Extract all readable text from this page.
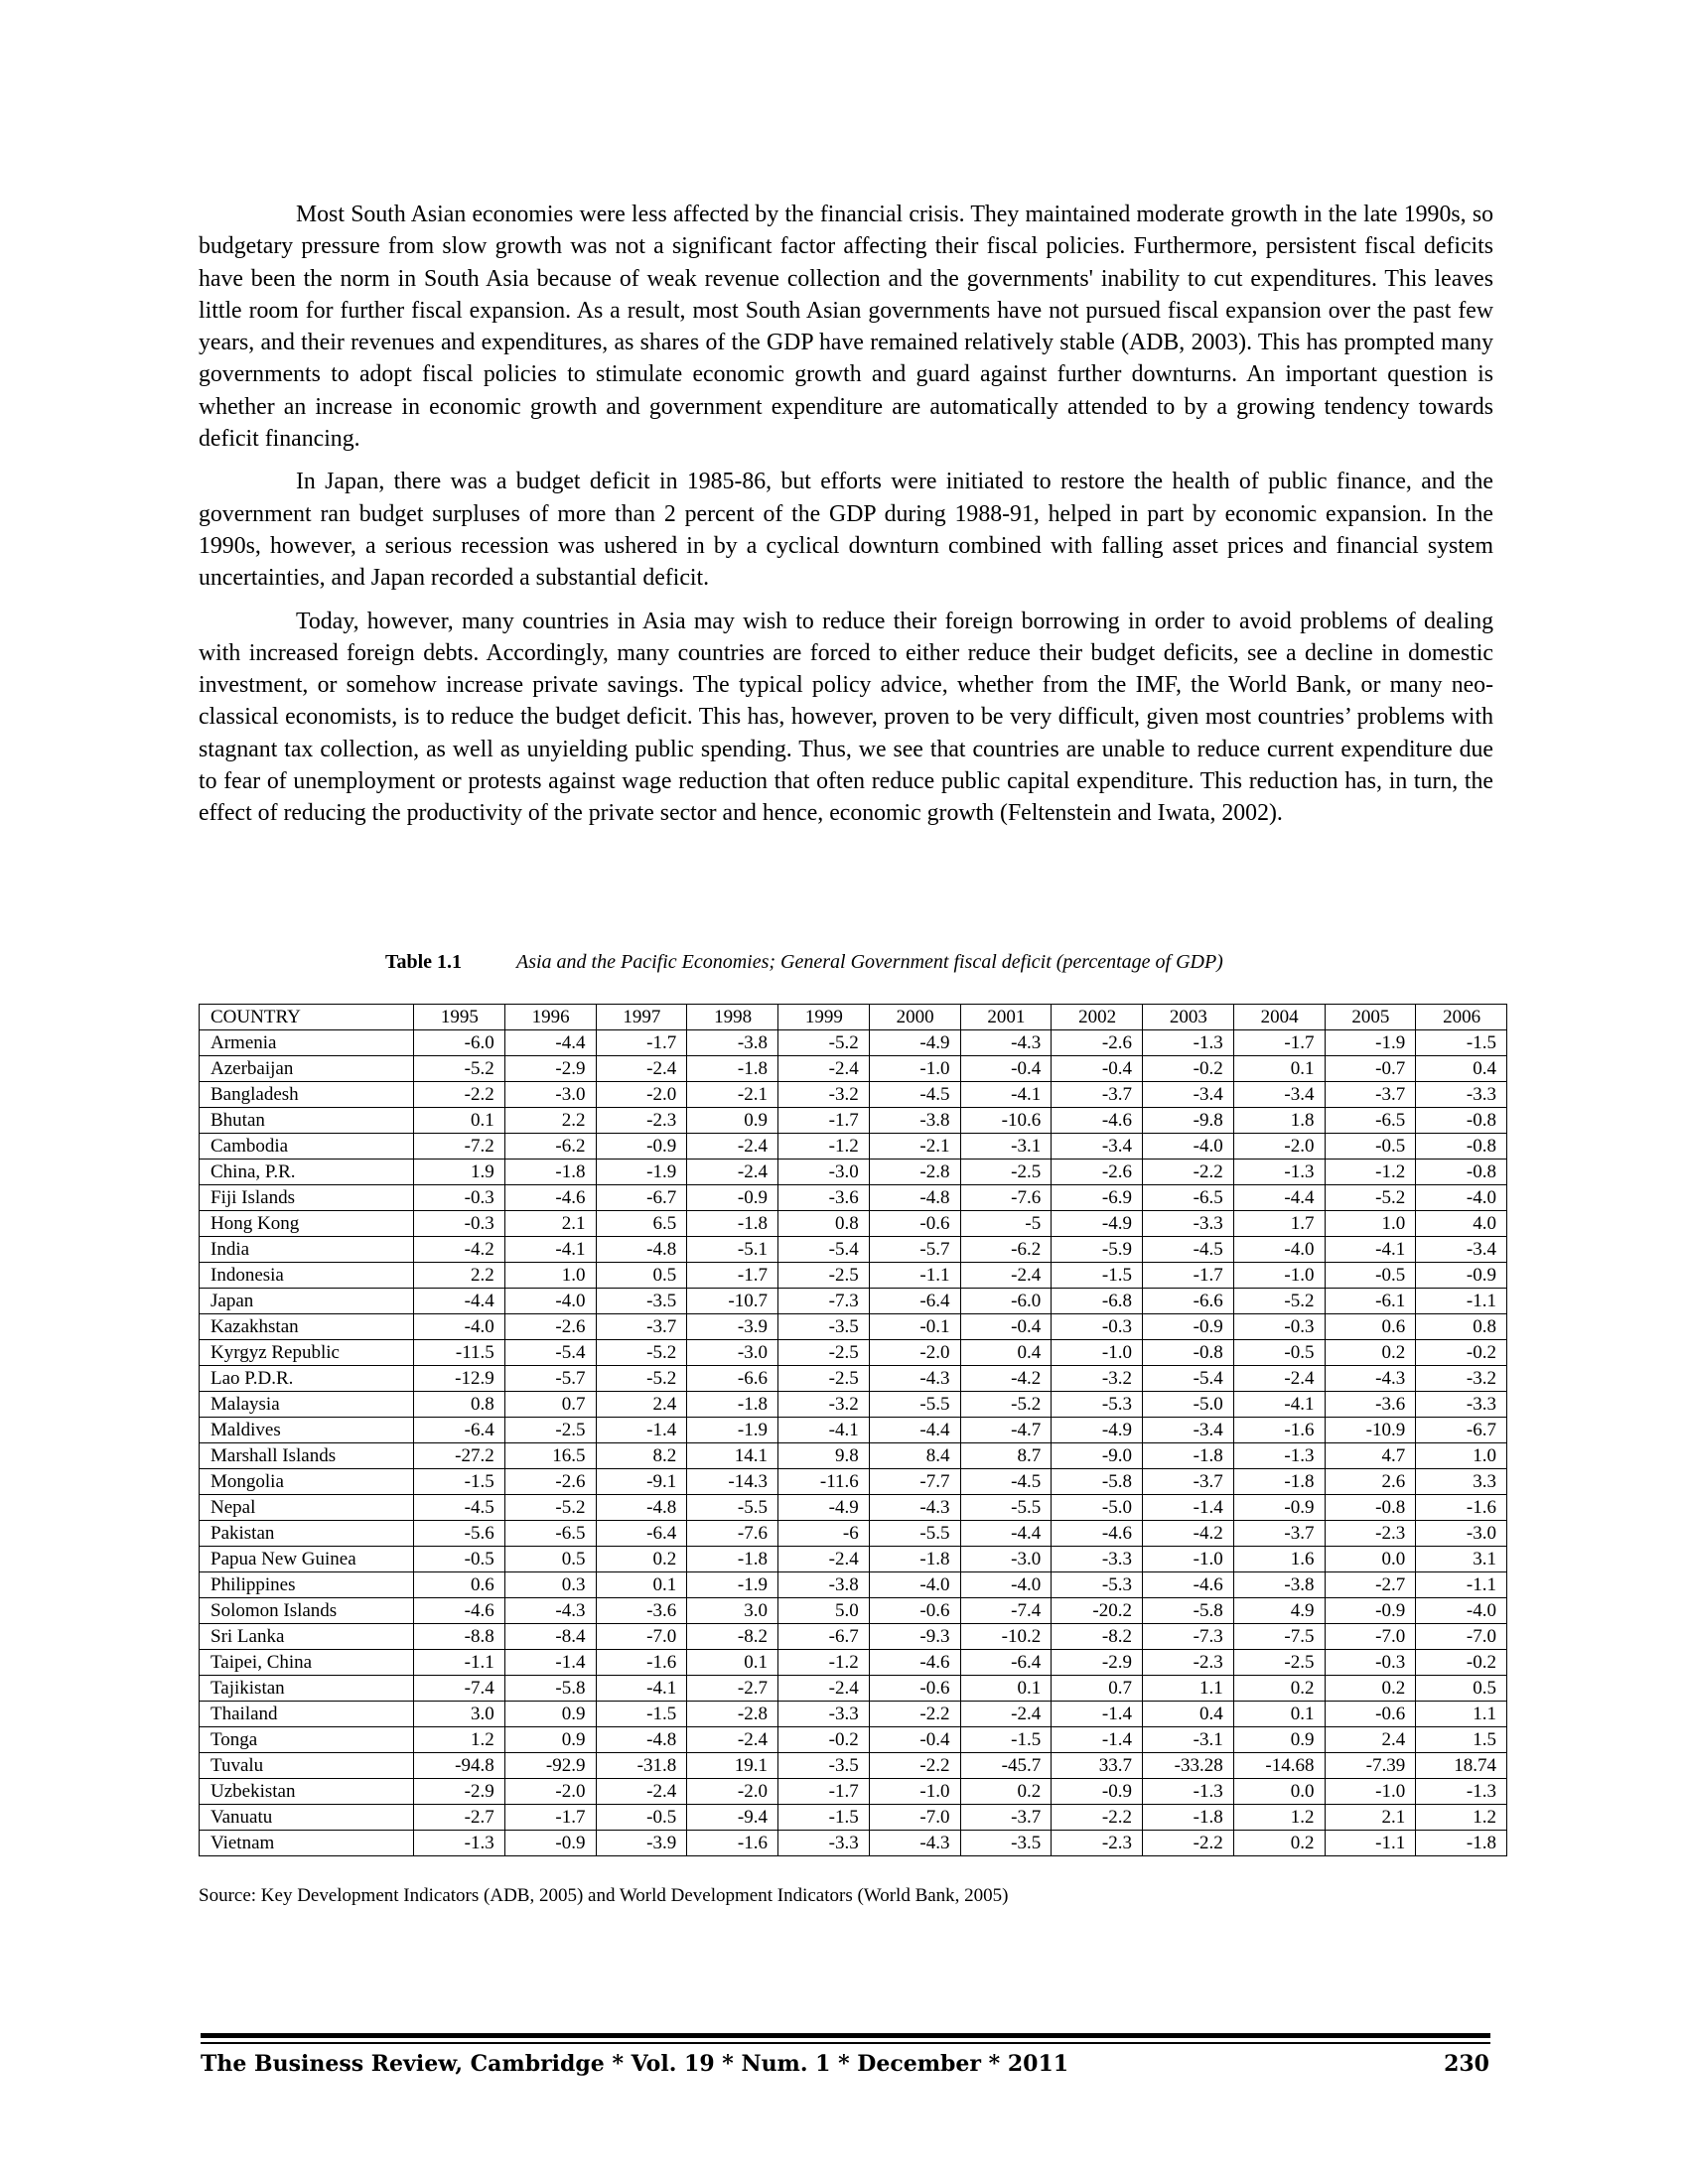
Most South Asian economies were less affected by the financial crisis. They maintained moderate growth in the late 1990s, so budgetary pressure from slow growth was not a significant factor affecting their fiscal policies. Furthermore, persistent fiscal deficits have been the norm in South Asia because of weak revenue collection and the governments' inability to cut expenditures. This leaves little room for further fiscal expansion. As a result, most South Asian governments have not pursued fiscal expansion over the past few years, and their revenues and expenditures, as shares of the GDP have remained relatively stable (ADB, 2003). This has prompted many governments to adopt fiscal policies to stimulate economic growth and guard against further downturns. An important question is whether an increase in economic growth and government expenditure are automatically attended to by a growing tendency towards deficit financing.

In Japan, there was a budget deficit in 1985-86, but efforts were initiated to restore the health of public finance, and the government ran budget surpluses of more than 2 percent of the GDP during 1988-91, helped in part by economic expansion. In the 1990s, however, a serious recession was ushered in by a cyclical downturn combined with falling asset prices and financial system uncertainties, and Japan recorded a substantial deficit.

Today, however, many countries in Asia may wish to reduce their foreign borrowing in order to avoid problems of dealing with increased foreign debts. Accordingly, many countries are forced to either reduce their budget deficits, see a decline in domestic investment, or somehow increase private savings. The typical policy advice, whether from the IMF, the World Bank, or many neo-classical economists, is to reduce the budget deficit. This has, however, proven to be very difficult, given most countries’ problems with stagnant tax collection, as well as unyielding public spending. Thus, we see that countries are unable to reduce current expenditure due to fear of unemployment or protests against wage reduction that often reduce public capital expenditure. This reduction has, in turn, the effect of reducing the productivity of the private sector and hence, economic growth (Feltenstein and Iwata, 2002).

Table 1.1	Asia and the Pacific Economies; General Government fiscal deficit (percentage of GDP)
COUNTRY	1995	1996	1997	1998	1999	2000	2001	2002	2003	2004	2005	2006
Armenia	-6.0	-4.4	-1.7	-3.8	-5.2	-4.9	-4.3	-2.6	-1.3	-1.7	-1.9	-1.5
Azerbaijan	-5.2	-2.9	-2.4	-1.8	-2.4	-1.0	-0.4	-0.4	-0.2	0.1	-0.7	0.4
Bangladesh	-2.2	-3.0	-2.0	-2.1	-3.2	-4.5	-4.1	-3.7	-3.4	-3.4	-3.7	-3.3
Bhutan	0.1	2.2	-2.3	0.9	-1.7	-3.8	-10.6	-4.6	-9.8	1.8	-6.5	-0.8
Cambodia	-7.2	-6.2	-0.9	-2.4	-1.2	-2.1	-3.1	-3.4	-4.0	-2.0	-0.5	-0.8
China, P.R.	1.9	-1.8	-1.9	-2.4	-3.0	-2.8	-2.5	-2.6	-2.2	-1.3	-1.2	-0.8
Fiji Islands	-0.3	-4.6	-6.7	-0.9	-3.6	-4.8	-7.6	-6.9	-6.5	-4.4	-5.2	-4.0
Hong Kong	-0.3	2.1	6.5	-1.8	0.8	-0.6	-5	-4.9	-3.3	1.7	1.0	4.0
India	-4.2	-4.1	-4.8	-5.1	-5.4	-5.7	-6.2	-5.9	-4.5	-4.0	-4.1	-3.4
Indonesia	2.2	1.0	0.5	-1.7	-2.5	-1.1	-2.4	-1.5	-1.7	-1.0	-0.5	-0.9
Japan	-4.4	-4.0	-3.5	-10.7	-7.3	-6.4	-6.0	-6.8	-6.6	-5.2	-6.1	-1.1
Kazakhstan	-4.0	-2.6	-3.7	-3.9	-3.5	-0.1	-0.4	-0.3	-0.9	-0.3	0.6	0.8
Kyrgyz Republic	-11.5	-5.4	-5.2	-3.0	-2.5	-2.0	0.4	-1.0	-0.8	-0.5	0.2	-0.2
Lao P.D.R.	-12.9	-5.7	-5.2	-6.6	-2.5	-4.3	-4.2	-3.2	-5.4	-2.4	-4.3	-3.2
Malaysia	0.8	0.7	2.4	-1.8	-3.2	-5.5	-5.2	-5.3	-5.0	-4.1	-3.6	-3.3
Maldives	-6.4	-2.5	-1.4	-1.9	-4.1	-4.4	-4.7	-4.9	-3.4	-1.6	-10.9	-6.7
Marshall Islands	-27.2	16.5	8.2	14.1	9.8	8.4	8.7	-9.0	-1.8	-1.3	4.7	1.0
Mongolia	-1.5	-2.6	-9.1	-14.3	-11.6	-7.7	-4.5	-5.8	-3.7	-1.8	2.6	3.3
Nepal	-4.5	-5.2	-4.8	-5.5	-4.9	-4.3	-5.5	-5.0	-1.4	-0.9	-0.8	-1.6
Pakistan	-5.6	-6.5	-6.4	-7.6	-6	-5.5	-4.4	-4.6	-4.2	-3.7	-2.3	-3.0
Papua New Guinea	-0.5	0.5	0.2	-1.8	-2.4	-1.8	-3.0	-3.3	-1.0	1.6	0.0	3.1
Philippines	0.6	0.3	0.1	-1.9	-3.8	-4.0	-4.0	-5.3	-4.6	-3.8	-2.7	-1.1
Solomon Islands	-4.6	-4.3	-3.6	3.0	5.0	-0.6	-7.4	-20.2	-5.8	4.9	-0.9	-4.0
Sri Lanka	-8.8	-8.4	-7.0	-8.2	-6.7	-9.3	-10.2	-8.2	-7.3	-7.5	-7.0	-7.0
Taipei, China	-1.1	-1.4	-1.6	0.1	-1.2	-4.6	-6.4	-2.9	-2.3	-2.5	-0.3	-0.2
Tajikistan	-7.4	-5.8	-4.1	-2.7	-2.4	-0.6	0.1	0.7	1.1	0.2	0.2	0.5
Thailand	3.0	0.9	-1.5	-2.8	-3.3	-2.2	-2.4	-1.4	0.4	0.1	-0.6	1.1
Tonga	1.2	0.9	-4.8	-2.4	-0.2	-0.4	-1.5	-1.4	-3.1	0.9	2.4	1.5
Tuvalu	-94.8	-92.9	-31.8	19.1	-3.5	-2.2	-45.7	33.7	-33.28	-14.68	-7.39	18.74
Uzbekistan	-2.9	-2.0	-2.4	-2.0	-1.7	-1.0	0.2	-0.9	-1.3	0.0	-1.0	-1.3
Vanuatu	-2.7	-1.7	-0.5	-9.4	-1.5	-7.0	-3.7	-2.2	-1.8	1.2	2.1	1.2
Vietnam	-1.3	-0.9	-3.9	-1.6	-3.3	-4.3	-3.5	-2.3	-2.2	0.2	-1.1	-1.8
Source: Key Development Indicators (ADB, 2005) and World Development Indicators (World Bank, 2005)
The Business Review, Cambridge * Vol. 19 * Num. 1 * December * 2011	230
